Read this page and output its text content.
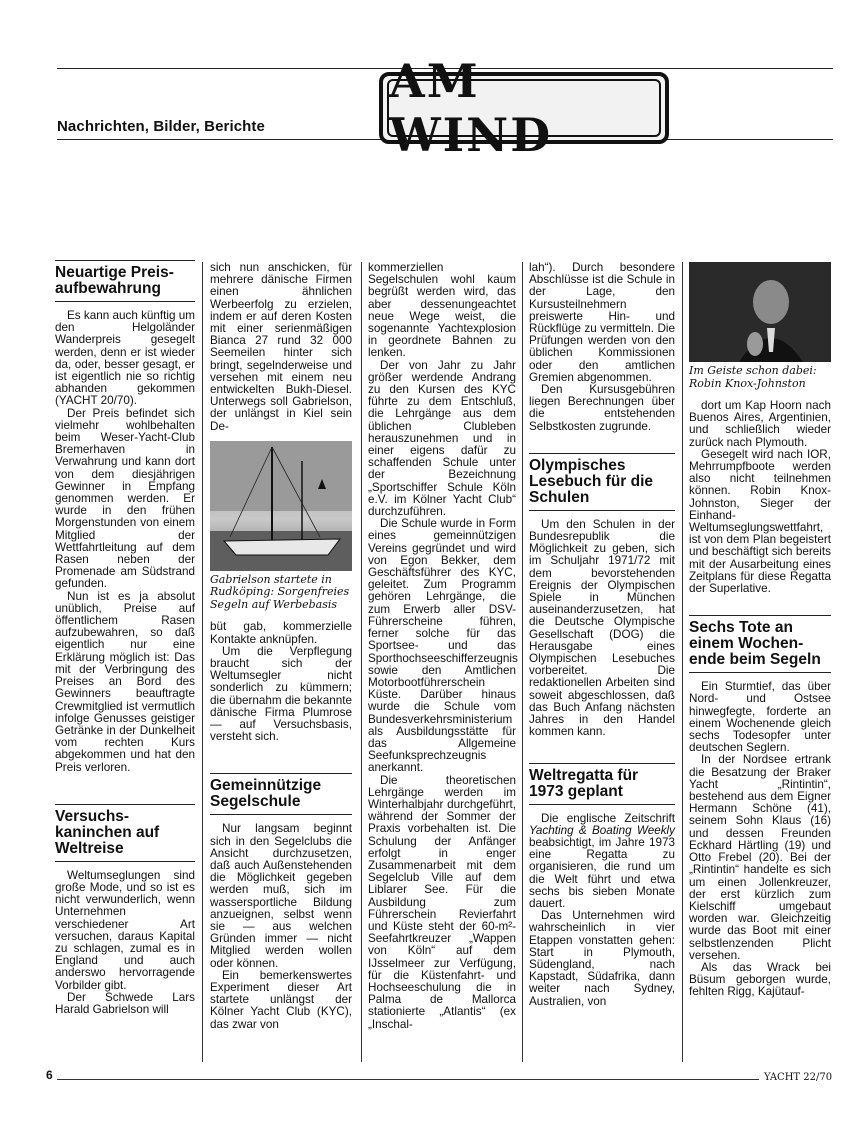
Nachrichten, Bilder, Berichte
AM WIND
Neuartige Preis-aufbewahrung

Es kann auch künftig um den Helgoländer Wanderpreis gesegelt werden, denn er ist wieder da, oder, besser gesagt, er ist eigentlich nie so richtig abhanden gekommen (YACHT 20/70).

Der Preis befindet sich vielmehr wohlbehalten beim Weser-Yacht-Club Bremerhaven in Verwahrung und kann dort von dem diesjährigen Gewinner in Empfang genommen werden. Er wurde in den frühen Morgenstunden von einem Mitglied der Wettfahrtleitung auf dem Rasen neben der Promenade am Südstrand gefunden.

Nun ist es ja absolut unüblich, Preise auf öffentlichem Rasen aufzubewahren, so daß eigentlich nur eine Erklärung möglich ist: Das mit der Verbringung des Preises an Bord des Gewinners beauftragte Crewmitglied ist vermutlich infolge Genusses geistiger Getränke in der Dunkelheit vom rechten Kurs abgekommen und hat den Preis verloren.

Versuchs-kaninchen auf Weltreise

Weltumseglungen sind große Mode, und so ist es nicht verwunderlich, wenn Unternehmen verschiedener Art versuchen, daraus Kapital zu schlagen, zumal es in England und auch anderswo hervorragende Vorbilder gibt.

Der Schwede Lars Harald Gabrielson will

sich nun anschicken, für mehrere dänische Firmen einen ähnlichen Werbeerfolg zu erzielen, indem er auf deren Kosten mit einer serienmäßigen Bianca 27 rund 32 000 Seemeilen hinter sich bringt, segelnderweise und versehen mit einem neu entwickelten Bukh-Diesel. Unterwegs soll Gabrielson, der unlängst in Kiel sein De-

Gabrielson startete in Rudköping: Sorgenfreies Segeln auf Werbebasis

büt gab, kommerzielle Kontakte anknüpfen.

Um die Verpflegung braucht sich der Weltumsegler nicht sonderlich zu kümmern; die übernahm die bekannte dänische Firma Plumrose — auf Versuchsbasis, versteht sich.

Gemeinnützige Segelschule

Nur langsam beginnt sich in den Segelclubs die Ansicht durchzusetzen, daß auch Außenstehenden die Möglichkeit gegeben werden muß, sich im wassersportliche Bildung anzueignen, selbst wenn sie — aus welchen Gründen immer — nicht Mitglied werden wollen oder können.

Ein bemerkenswertes Experiment dieser Art startete unlängst der Kölner Yacht Club (KYC), das zwar von

kommerziellen Segelschulen wohl kaum begrüßt werden wird, das aber dessenungeachtet neue Wege weist, die sogenannte Yachtexplosion in geordnete Bahnen zu lenken.

Der von Jahr zu Jahr größer werdende Andrang zu den Kursen des KYC führte zu dem Entschluß, die Lehrgänge aus dem üblichen Clubleben herauszunehmen und in einer eigens dafür zu schaffenden Schule unter der Bezeichnung „Sportschiffer Schule Köln e.V. im Kölner Yacht Club“ durchzuführen.

Die Schule wurde in Form eines gemeinnützigen Vereins gegründet und wird von Egon Bekker, dem Geschäftsführer des KYC, geleitet. Zum Programm gehören Lehrgänge, die zum Erwerb aller DSV-Führerscheine führen, ferner solche für das Sportsee- und das Sporthochseeschifferzeugnis sowie den Amtlichen Motorbootführerschein Küste. Darüber hinaus wurde die Schule vom Bundesverkehrsministerium als Ausbildungsstätte für das Allgemeine Seefunksprechzeugnis anerkannt.

Die theoretischen Lehrgänge werden im Winterhalbjahr durchgeführt, während der Sommer der Praxis vorbehalten ist. Die Schulung der Anfänger erfolgt in enger Zusammenarbeit mit dem Segelclub Ville auf dem Liblarer See. Für die Ausbildung zum Führerschein Revierfahrt und Küste steht der 60-m²-Seefahrtkreuzer „Wappen von Köln“ auf dem IJsselmeer zur Verfügung, für die Küstenfahrt- und Hochseeschulung die in Palma de Mallorca stationierte „Atlantis“ (ex „Inschal-

lah“). Durch besondere Abschlüsse ist die Schule in der Lage, den Kursusteilnehmern preiswerte Hin- und Rückflüge zu vermitteln. Die Prüfungen werden von den üblichen Kommissionen oder den amtlichen Gremien abgenommen.

Den Kursusgebühren liegen Berechnungen über die entstehenden Selbstkosten zugrunde.

Olympisches Lesebuch für die Schulen

Um den Schulen in der Bundesrepublik die Möglichkeit zu geben, sich im Schuljahr 1971/72 mit dem bevorstehenden Ereignis der Olympischen Spiele in München auseinanderzusetzen, hat die Deutsche Olympische Gesellschaft (DOG) die Herausgabe eines Olympischen Lesebuches vorbereitet. Die redaktionellen Arbeiten sind soweit abgeschlossen, daß das Buch Anfang nächsten Jahres in den Handel kommen kann.

Weltregatta für 1973 geplant

Die englische Zeitschrift Yachting & Boating Weekly beabsichtigt, im Jahre 1973 eine Regatta zu organisieren, die rund um die Welt führt und etwa sechs bis sieben Monate dauert.

Das Unternehmen wird wahrscheinlich in vier Etappen vonstatten gehen: Start in Plymouth, Südengland, nach Kapstadt, Südafrika, dann weiter nach Sydney, Australien, von

Im Geiste schon dabei: Robin Knox-Johnston

dort um Kap Hoorn nach Buenos Aires, Argentinien, und schließlich wieder zurück nach Plymouth.

Gesegelt wird nach IOR, Mehrrumpfboote werden also nicht teilnehmen können. Robin Knox-Johnston, Sieger der Einhand-Weltumseglungswettfahrt, ist von dem Plan begeistert und beschäftigt sich bereits mit der Ausarbeitung eines Zeitplans für diese Regatta der Superlative.

Sechs Tote an einem Wochen-ende beim Segeln

Ein Sturmtief, das über Nord- und Ostsee hinwegfegte, forderte an einem Wochenende gleich sechs Todesopfer unter deutschen Seglern.

In der Nordsee ertrank die Besatzung der Braker Yacht „Rintintin“, bestehend aus dem Eigner Hermann Schöne (41), seinem Sohn Klaus (16) und dessen Freunden Eckhard Härtling (19) und Otto Frebel (20). Bei der „Rintintin“ handelte es sich um einen Jollenkreuzer, der erst kürzlich zum Kielschiff umgebaut worden war. Gleichzeitig wurde das Boot mit einer selbstlenzenden Plicht versehen.

Als das Wrack bei Büsum geborgen wurde, fehlten Rigg, Kajütauf-

6	YACHT 22/70
